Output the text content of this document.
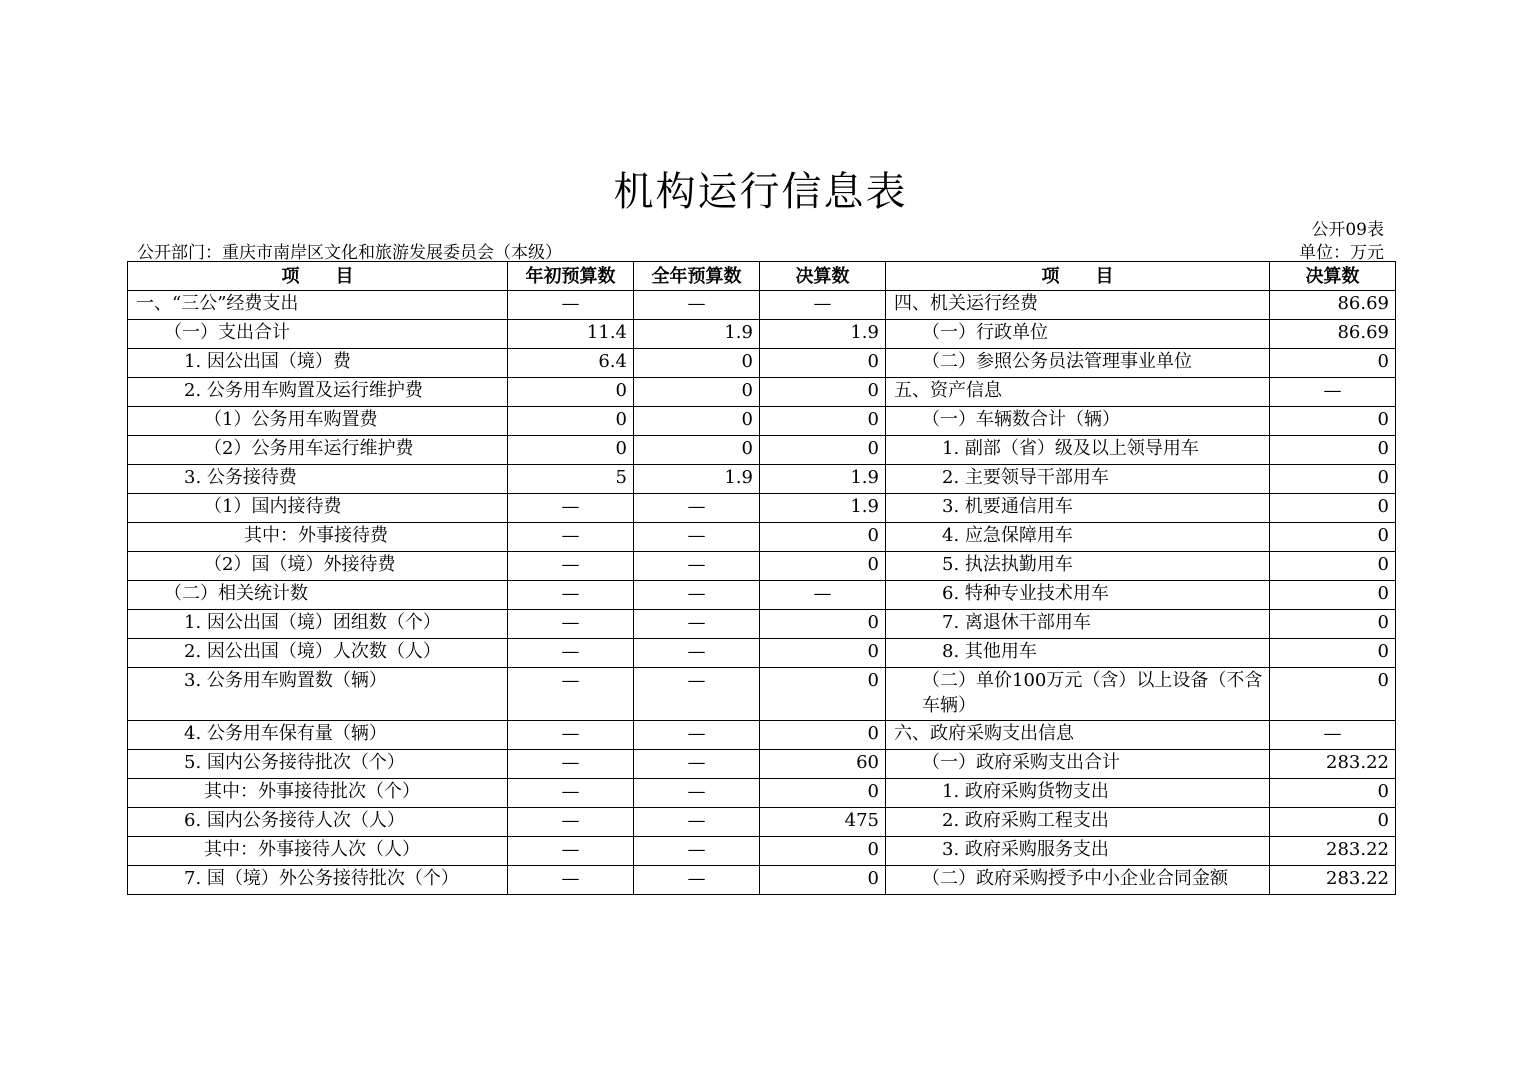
机构运行信息表
公开09表
公开部门：重庆市南岸区文化和旅游发展委员会（本级）	单位：万元
项　　目	年初预算数	全年预算数	决算数	项　　目	决算数
一、“三公”经费支出	—	—	—	四、机关运行经费	86.69
（一）支出合计	11.4	1.9	1.9	（一）行政单位	86.69
1. 因公出国（境）费	6.4	0	0	（二）参照公务员法管理事业单位	0
2. 公务用车购置及运行维护费	0	0	0	五、资产信息	—
（1）公务用车购置费	0	0	0	（一）车辆数合计（辆）	0
（2）公务用车运行维护费	0	0	0	1. 副部（省）级及以上领导用车	0
3. 公务接待费	5	1.9	1.9	2. 主要领导干部用车	0
（1）国内接待费	—	—	1.9	3. 机要通信用车	0
其中：外事接待费	—	—	0	4. 应急保障用车	0
（2）国（境）外接待费	—	—	0	5. 执法执勤用车	0
（二）相关统计数	—	—	—	6. 特种专业技术用车	0
1. 因公出国（境）团组数（个）	—	—	0	7. 离退休干部用车	0
2. 因公出国（境）人次数（人）	—	—	0	8. 其他用车	0
3. 公务用车购置数（辆）	—	—	0	（二）单价100万元（含）以上设备（不含车辆）	0
4. 公务用车保有量（辆）	—	—	0	六、政府采购支出信息	—
5. 国内公务接待批次（个）	—	—	60	（一）政府采购支出合计	283.22
其中：外事接待批次（个）	—	—	0	1. 政府采购货物支出	0
6. 国内公务接待人次（人）	—	—	475	2. 政府采购工程支出	0
其中：外事接待人次（人）	—	—	0	3. 政府采购服务支出	283.22
7. 国（境）外公务接待批次（个）	—	—	0	（二）政府采购授予中小企业合同金额	283.22
